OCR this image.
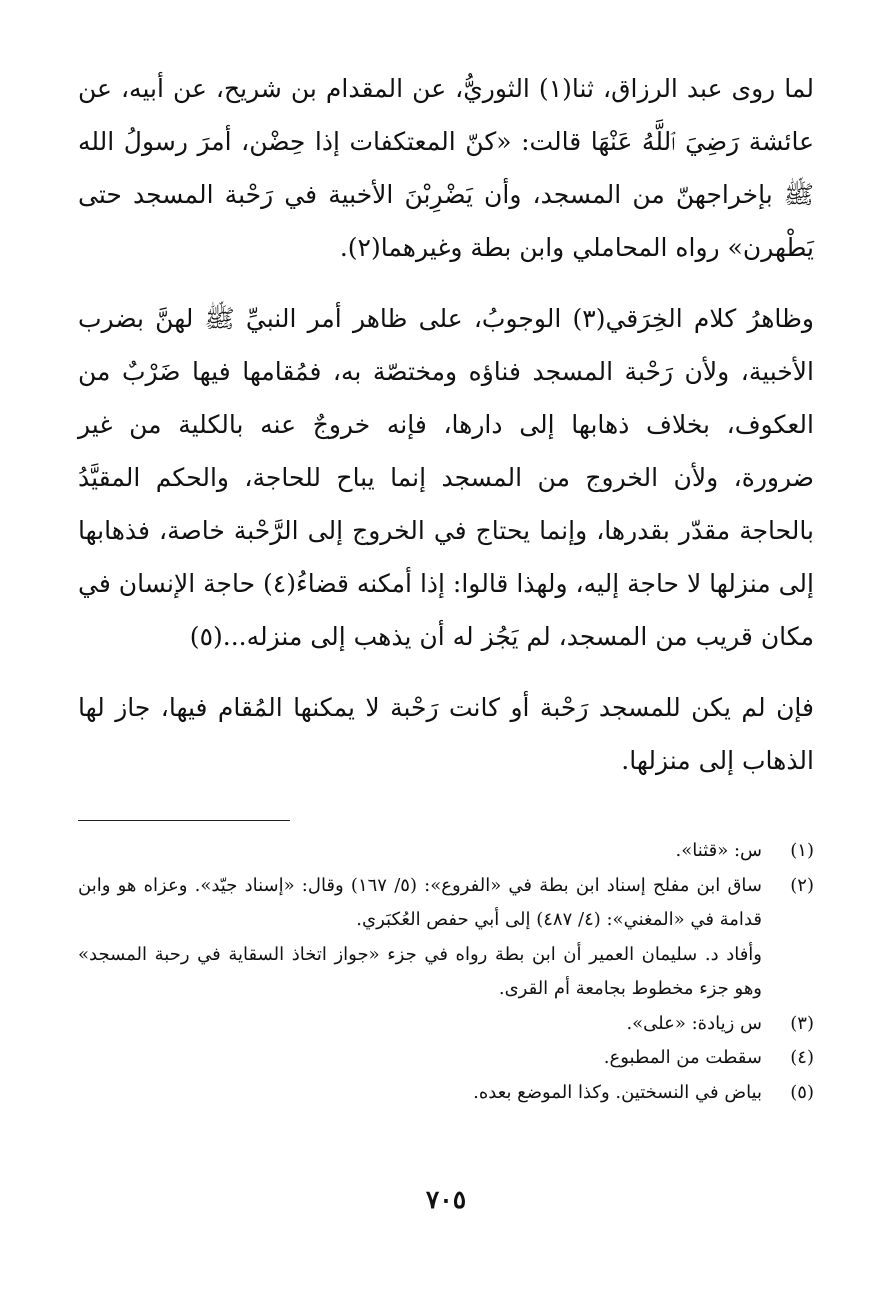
لما روى عبد الرزاق، ثنا(١) الثوريُّ، عن المقدام بن شريح، عن أبيه، عن عائشة رَضِيَ ٱللَّهُ عَنْهَا قالت: «كنّ المعتكفات إذا حِضْن، أمرَ رسولُ الله ﷺ بإخراجهنّ من المسجد، وأن يَضْرِبْنَ الأخبية في رَحْبة المسجد حتى يَطْهرن» رواه المحاملي وابن بطة وغيرهما(٢).

وظاهرُ كلام الخِرَقي(٣) الوجوبُ، على ظاهر أمر النبيِّ ﷺ لهنَّ بضرب الأخبية، ولأن رَحْبة المسجد فناؤه ومختصّة به، فمُقامها فيها ضَرْبٌ من العكوف، بخلاف ذهابها إلى دارها، فإنه خروجٌ عنه بالكلية من غير ضرورة، ولأن الخروج من المسجد إنما يباح للحاجة، والحكم المقيَّدُ بالحاجة مقدّر بقدرها، وإنما يحتاج في الخروج إلى الرَّحْبة خاصة، فذهابها إلى منزلها لا حاجة إليه، ولهذا قالوا: إذا أمكنه قضاءُ(٤) حاجة الإنسان في مكان قريب من المسجد، لم يَجُز له أن يذهب إلى منزله...(٥)

فإن لم يكن للمسجد رَحْبة أو كانت رَحْبة لا يمكنها المُقام فيها، جاز لها الذهاب إلى منزلها.

(١)
س: «قثنا».
(٢)
ساق ابن مفلح إسناد ابن بطة في «الفروع»: (٥/ ١٦٧) وقال: «إسناد جيّد». وعزاه هو وابن قدامة في «المغني»: (٤/ ٤٨٧) إلى أبي حفص العُكبَري.
وأفاد د. سليمان العمير أن ابن بطة رواه في جزء «جواز اتخاذ السقاية في رحبة المسجد» وهو جزء مخطوط بجامعة أم القرى.
(٣)
س زيادة: «على».
(٤)
سقطت من المطبوع.
(٥)
بياض في النسختين. وكذا الموضع بعده.
٧٠٥
